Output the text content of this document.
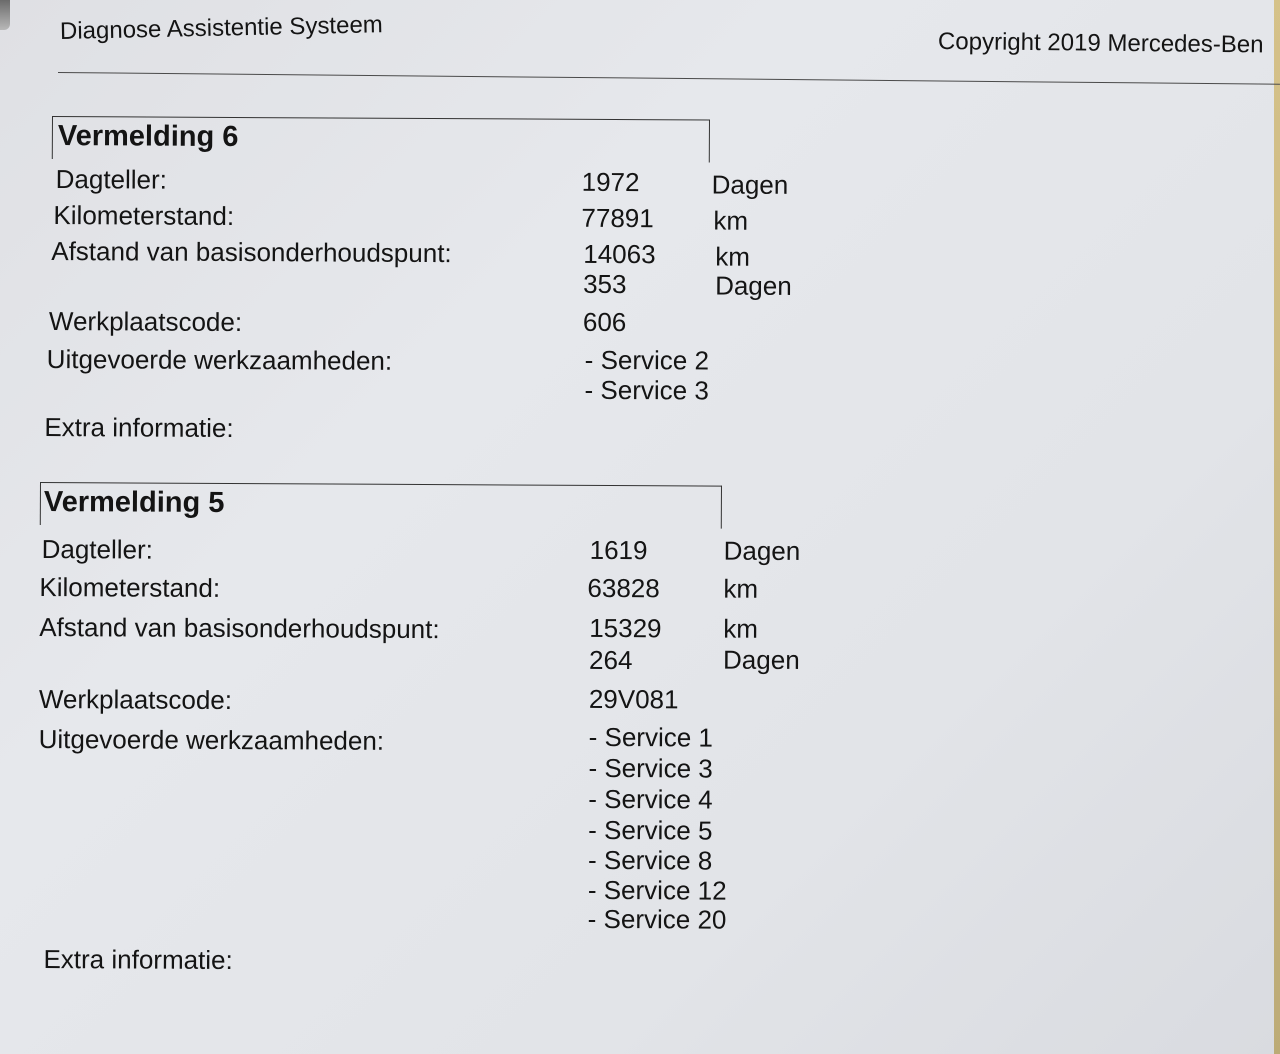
Diagnose Assistentie Systeem	Copyright 2019 Mercedes-Ben
Vermelding 6
Dagteller:	1972	Dagen
Kilometerstand:	77891 km
Afstand van basisonderhoudspunt:	14063 km
353	Dagen
Werkplaatscode:	606
Uitgevoerde werkzaamheden:	- Service 2
- Service 3
Extra informatie:
Vermelding 5
Dagteller:	1619	Dagen
Kilometerstand:	63828 km
Afstand van basisonderhoudspunt:	15329 km
264	Dagen
Werkplaatscode:	29V081
Uitgevoerde werkzaamheden:	- Service 1
- Service 3
- Service 4
- Service 5
- Service 8
- Service 12
- Service 20
Extra informatie:
